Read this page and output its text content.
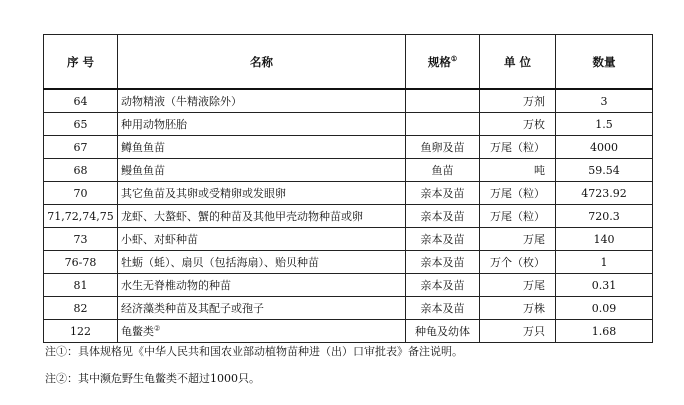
序 号	名称	规格①	单 位	数量
64	动物精液（牛精液除外）		万剂	3
65	种用动物胚胎		万枚	1.5
67	鳟鱼鱼苗	鱼卵及苗	万尾（粒）	4000
68	鳗鱼鱼苗	鱼苗	吨	59.54
70	其它鱼苗及其卵或受精卵或发眼卵	亲本及苗	万尾（粒）	4723.92
71,72,74,75	龙虾、大螯虾、蟹的种苗及其他甲壳动物种苗或卵	亲本及苗	万尾（粒）	720.3
73	小虾、对虾种苗	亲本及苗	万尾	140
76-78	牡蛎（蚝）、扇贝（包括海扇）、贻贝种苗	亲本及苗	万个（枚）	1
81	水生无脊椎动物的种苗	亲本及苗	万尾	0.31
82	经济藻类种苗及其配子或孢子	亲本及苗	万株	0.09
122	龟鳖类②	种龟及幼体	万只	1.68
注①：具体规格见《中华人民共和国农业部动植物苗种进（出）口审批表》备注说明。
注②：其中濒危野生龟鳖类不超过1000只。
